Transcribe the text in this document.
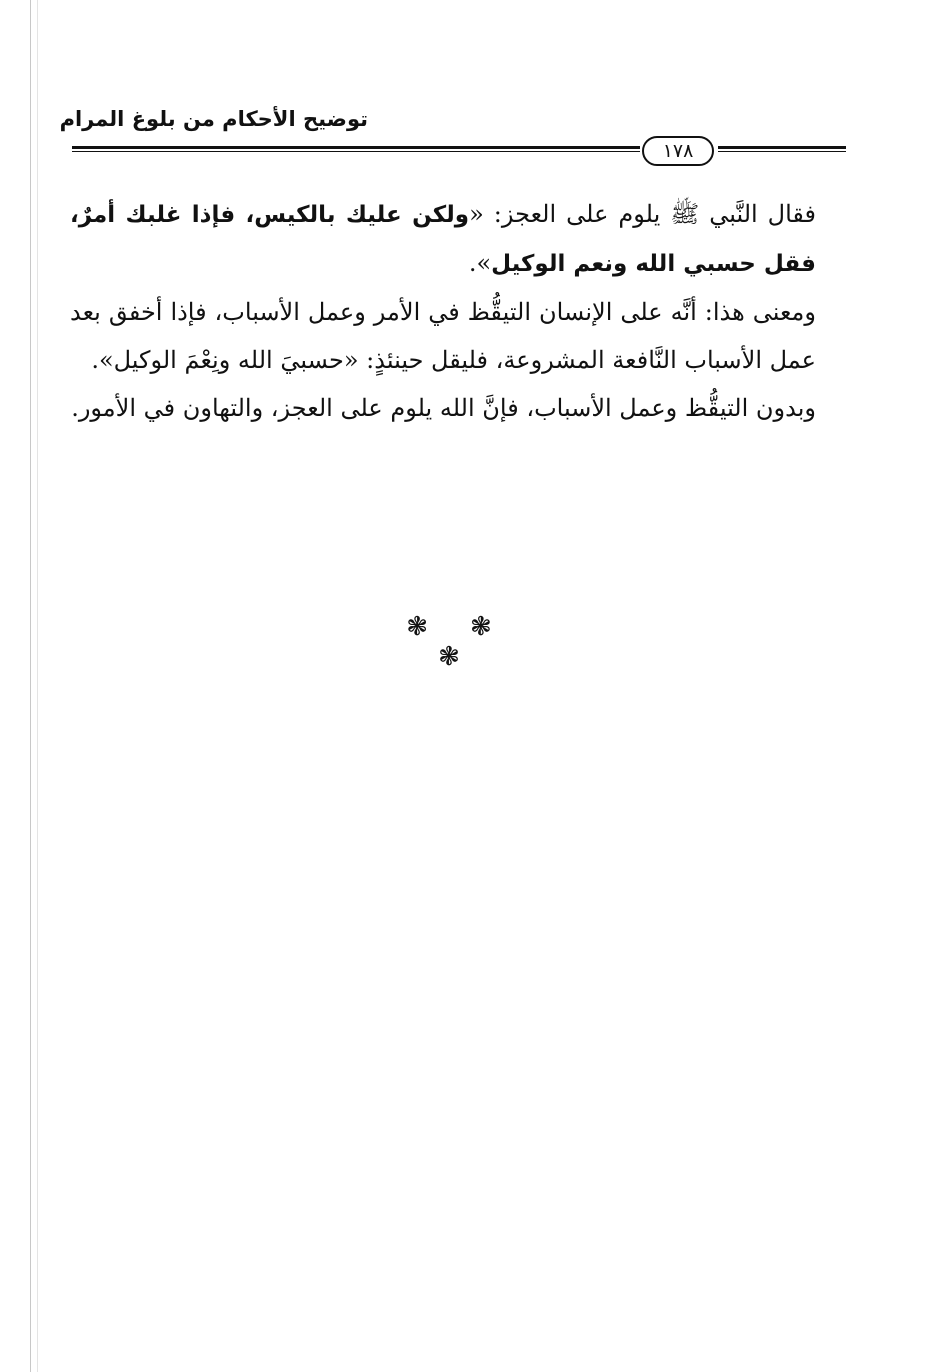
توضيح الأحكام من بلوغ المرام
١٧٨

فقال النَّبي ﷺ يلوم على العجز: «ولكن عليك بالكيس، فإذا غلبك أمرٌ، فقل حسبي الله ونعم الوكيل».

ومعنى هذا: أنَّه على الإنسان التيقُّظ في الأمر وعمل الأسباب، فإذا أخفق بعد عمل الأسباب النَّافعة المشروعة، فليقل حينئذٍ: «حسبيَ الله ونِعْمَ الوكيل».

وبدون التيقُّظ وعمل الأسباب، فإنَّ الله يلوم على العجز، والتهاون في الأمور.

❃ ❃❃
